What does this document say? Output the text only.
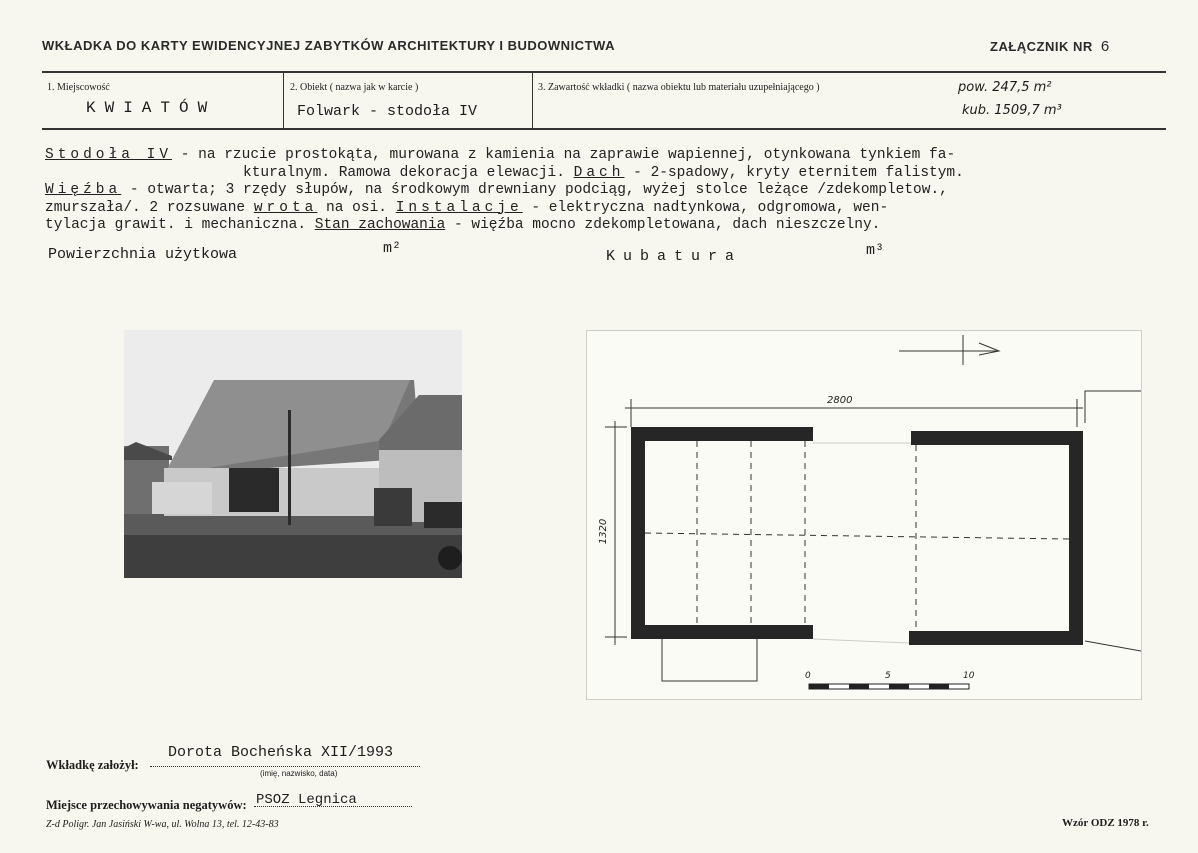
WKŁADKA DO KARTY EWIDENCYJNEJ ZABYTKÓW ARCHITEKTURY I BUDOWNICTWA	ZAŁĄCZNIK NR 6
1. Miejscowość
KWIATÓW
2. Obiekt ( nazwa jak w karcie )
Folwark - stodoła IV
3. Zawartość wkładki ( nazwa obiektu lub materiału uzupełniającego )	pow. 247,5 m²
kub. 1509,7 m³
Stodoła IV - na rzucie prostokąta, murowana z kamienia na zaprawie wapiennej, otynkowana tynkiem fa-
kturalnym. Ramowa dekoracja elewacji. Dach - 2-spadowy, kryty eternitem falistym.
Więźba - otwarta; 3 rzędy słupów, na środkowym drewniany podciąg, wyżej stolce leżące /zdekompletow.,
zmurszała/. 2 rozsuwane wrota na osi. Instalacje - elektryczna nadtynkowa, odgromowa, wen-
tylacja grawit. i mechaniczna. Stan zachowania - więźba mocno zdekompletowana, dach nieszczelny.
Powierzchnia użytkowa	m²	Kubatura	m³
2800
1320
0	5	10
Wkładkę założył:
Dorota Bocheńska XII/1993
(imię, nazwisko, data)
Miejsce przechowywania negatywów: PSOZ Legnica
Z-d Poligr. Jan Jasiński W-wa, ul. Wolna 13, tel. 12-43-83	Wzór ODZ 1978 r.
